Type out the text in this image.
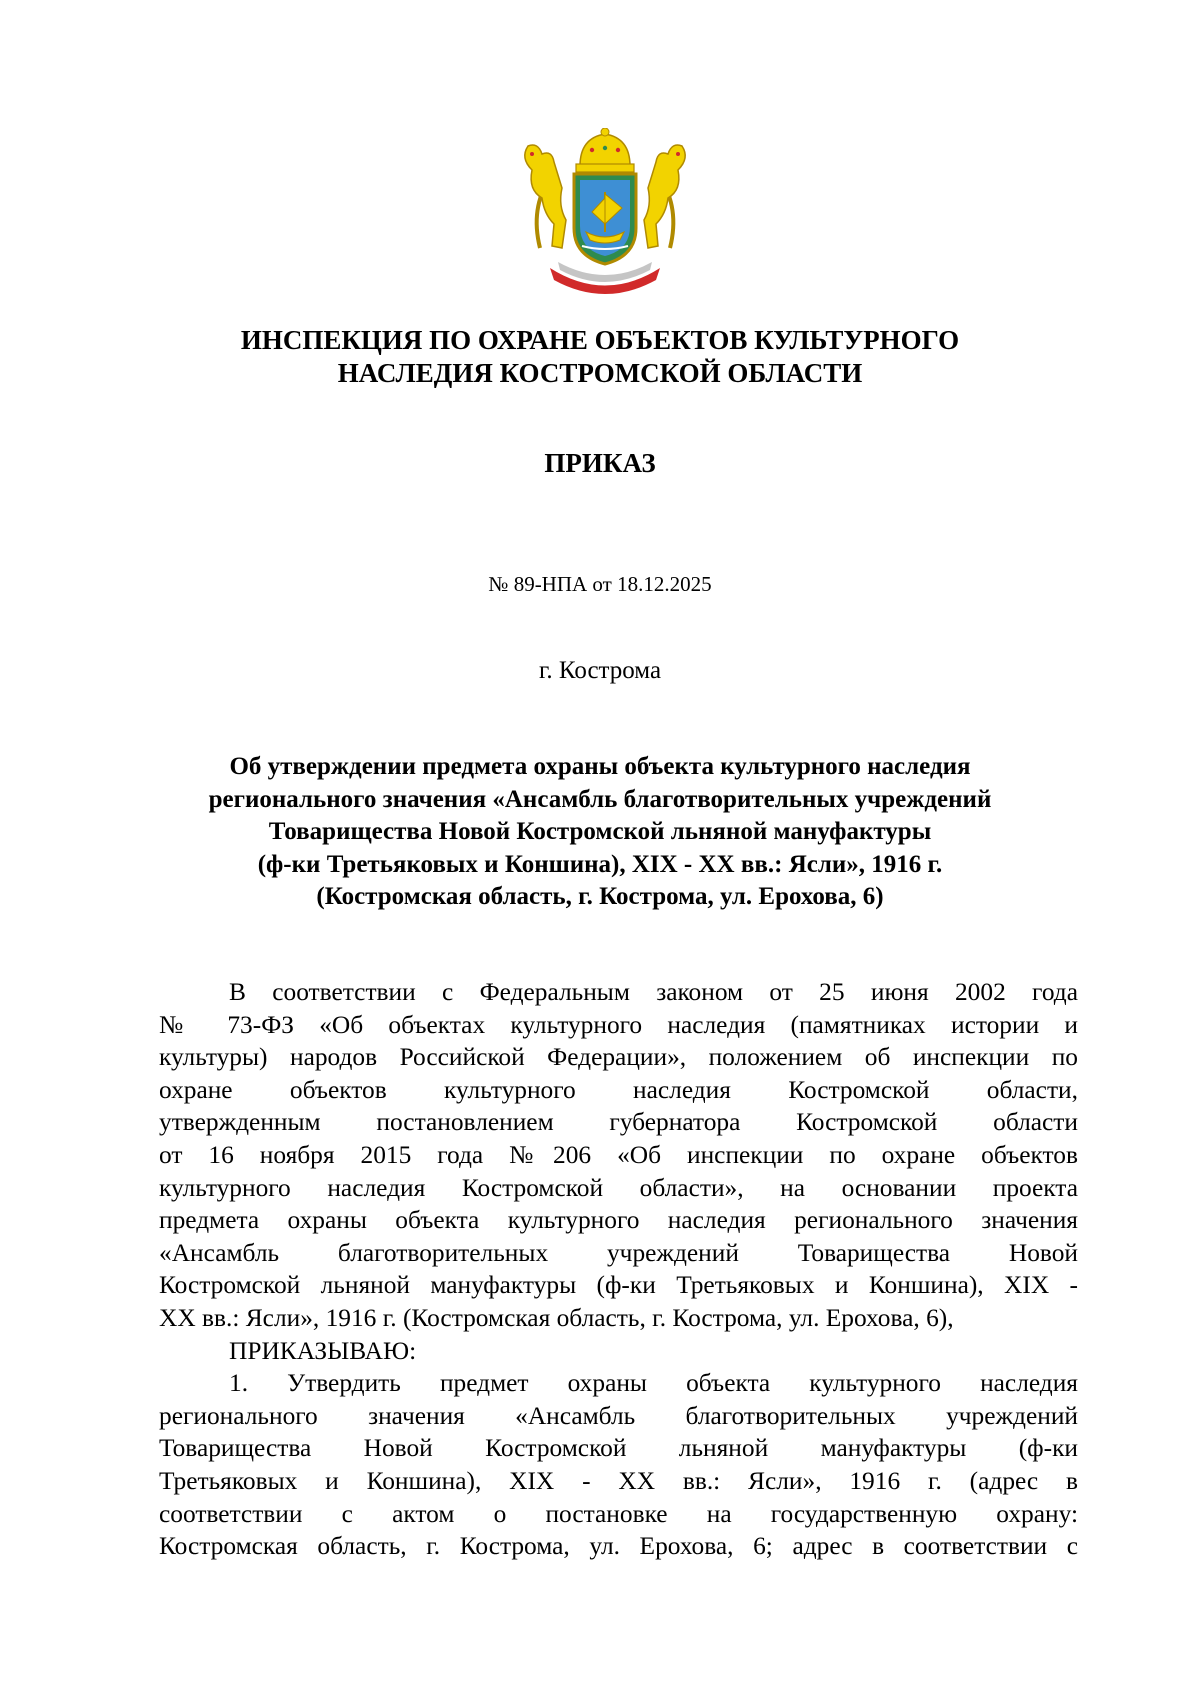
ИНСПЕКЦИЯ ПО ОХРАНЕ ОБЪЕКТОВ КУЛЬТУРНОГО
НАСЛЕДИЯ КОСТРОМСКОЙ ОБЛАСТИ
ПРИКАЗ
№ 89-НПА от 18.12.2025
г. Кострома
Об утверждении предмета охраны объекта культурного наследия
регионального значения «Ансамбль благотворительных учреждений
Товарищества Новой Костромской льняной мануфактуры
(ф-ки Третьяковых и Коншина), XIX - XX вв.: Ясли», 1916 г.
(Костромская область, г. Кострома, ул. Ерохова, 6)
В соответствии с Федеральным законом от 25 июня 2002 года
№ 73-ФЗ «Об объектах культурного наследия (памятниках истории и
культуры) народов Российской Федерации», положением об инспекции по
охране объектов культурного наследия Костромской области,
утвержденным постановлением губернатора Костромской области
от 16 ноября 2015 года №206 «Об инспекции по охране объектов
культурного наследия Костромской области», на основании проекта
предмета охраны объекта культурного наследия регионального значения
«Ансамбль благотворительных учреждений Товарищества Новой
Костромской льняной мануфактуры (ф-ки Третьяковых и Коншина), XIX -
XX вв.: Ясли», 1916 г. (Костромская область, г. Кострома, ул. Ерохова, 6),
ПРИКАЗЫВАЮ:
1. Утвердить предмет охраны объекта культурного наследия
регионального значения «Ансамбль благотворительных учреждений
Товарищества Новой Костромской льняной мануфактуры (ф-ки
Третьяковых и Коншина), XIX - XX вв.: Ясли», 1916 г. (адрес в
соответствии с актом о постановке на государственную охрану:
Костромская область, г. Кострома, ул. Ерохова, 6; адрес в соответствии с
